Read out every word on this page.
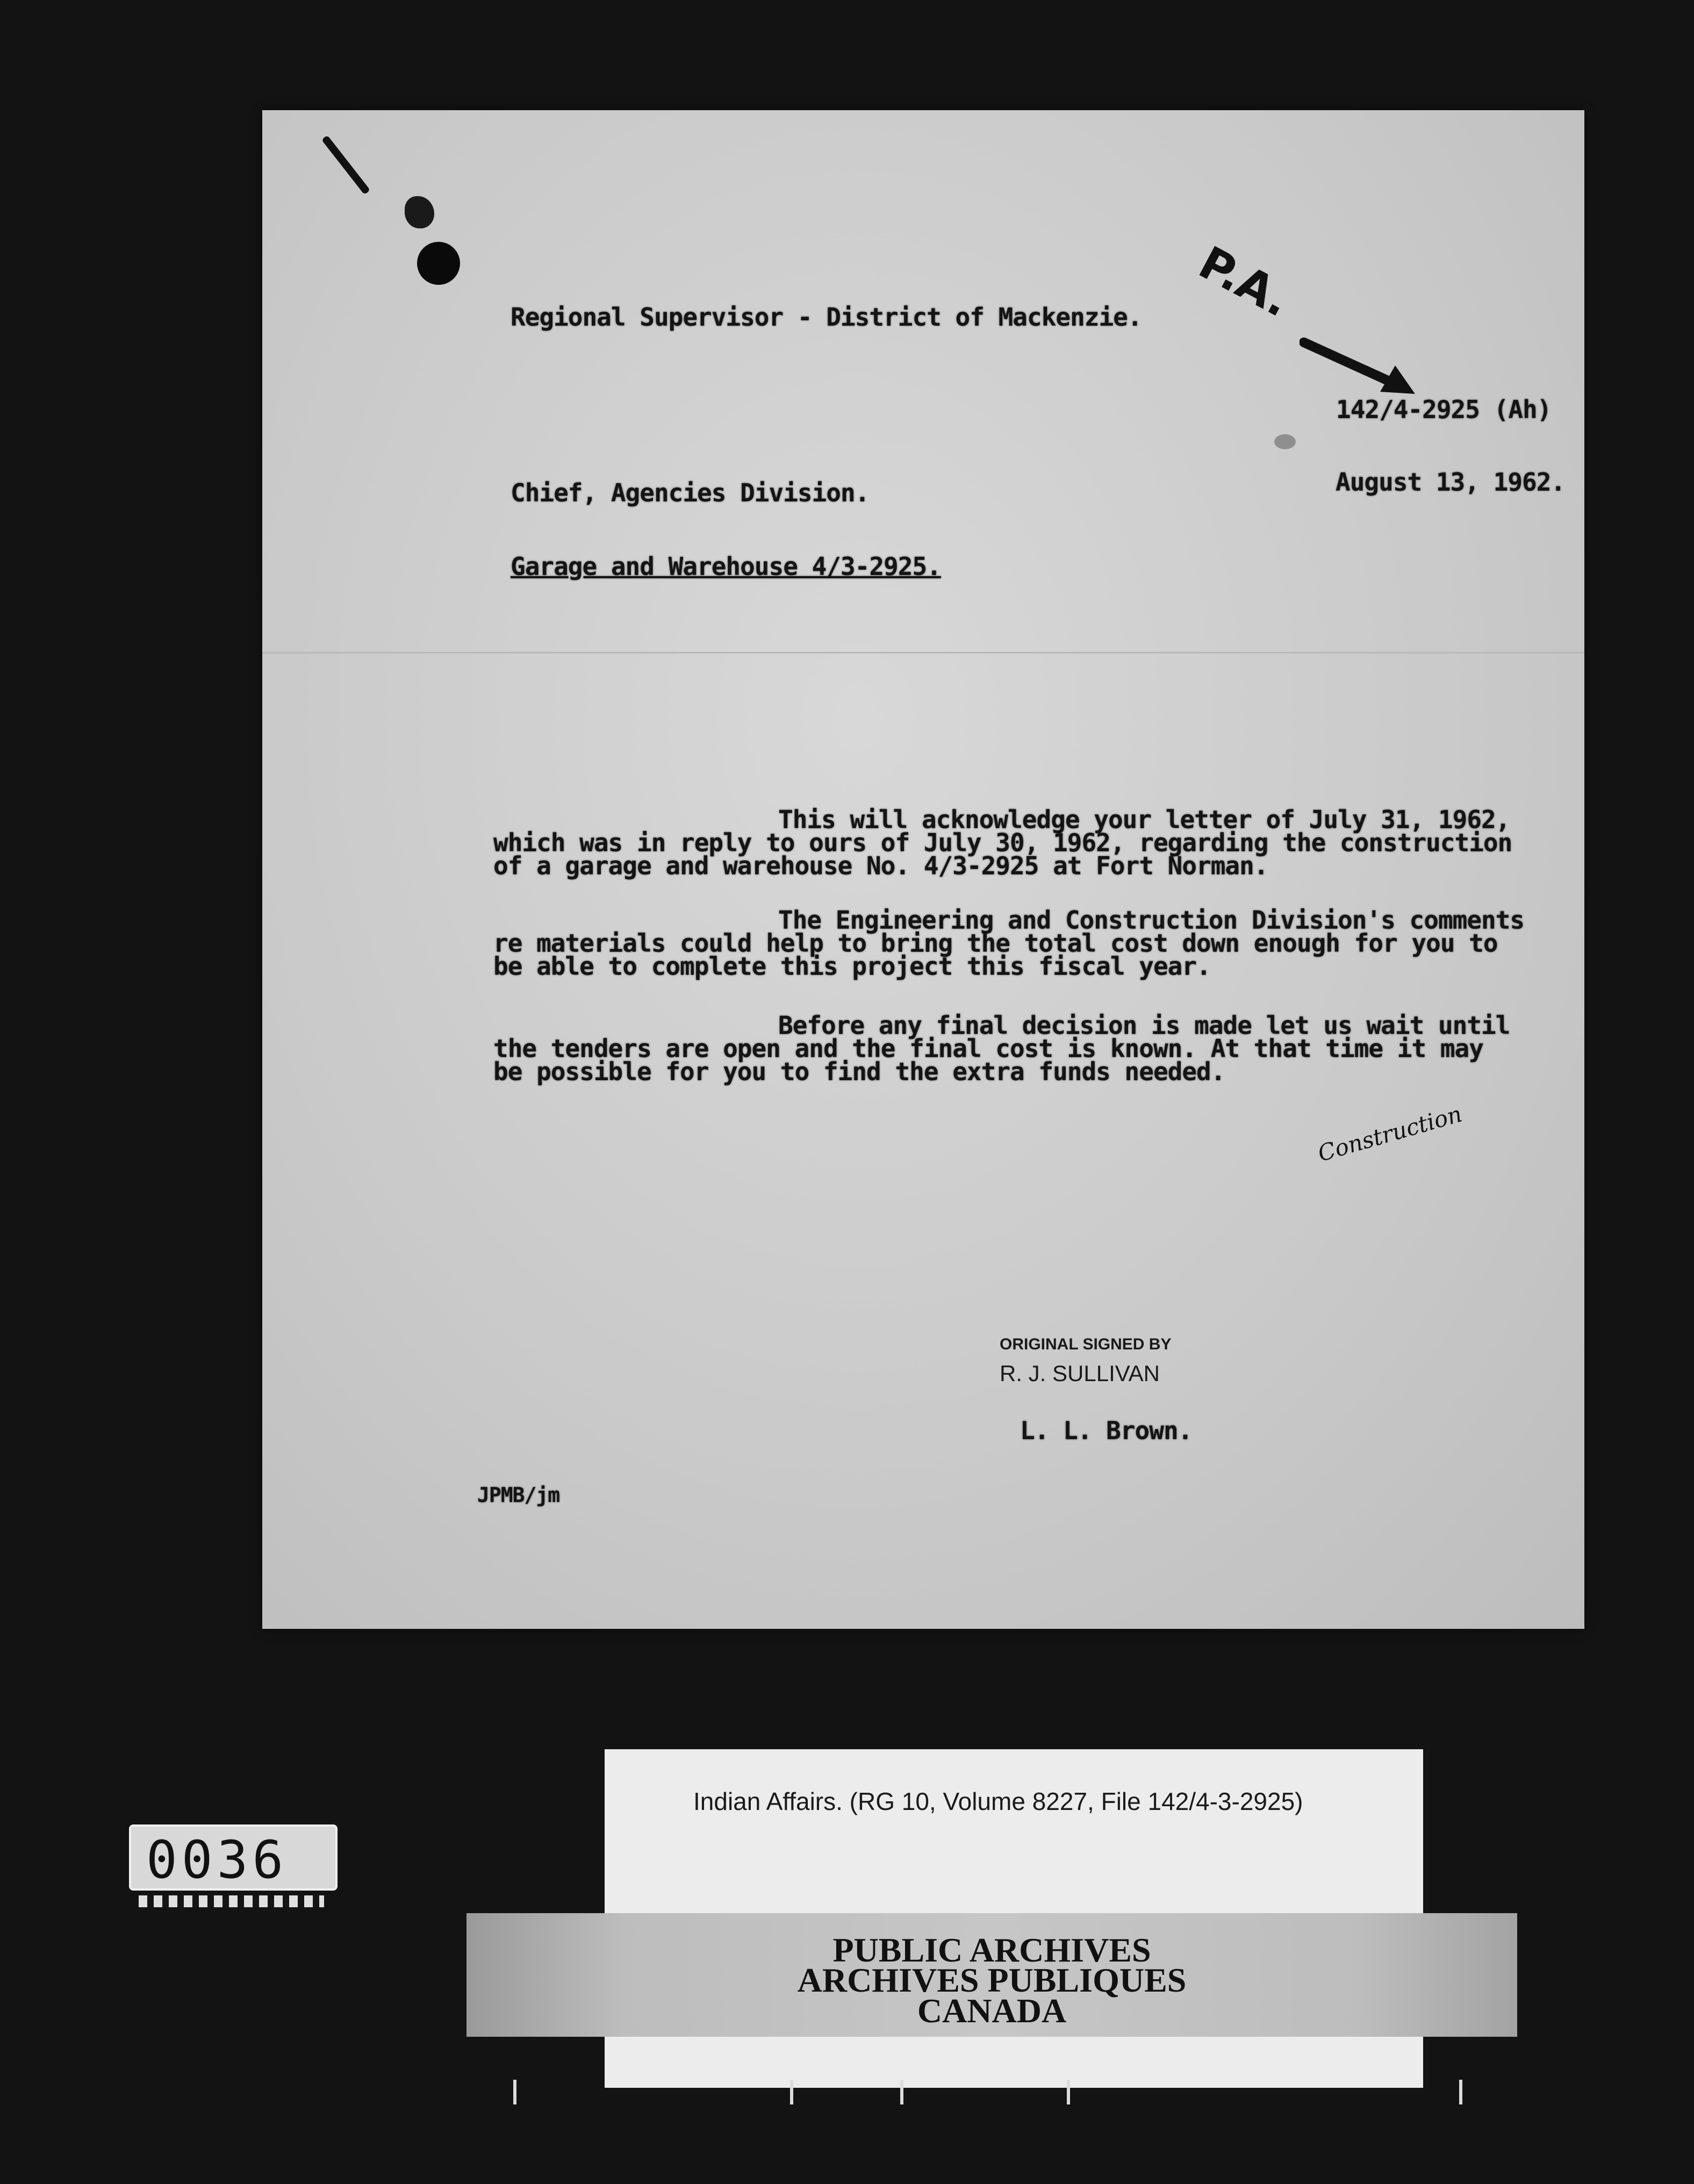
Regional Supervisor - District of Mackenzie. P.A.
142/4-2925 (Ah)
August 13, 1962.
Chief, Agencies Division.
Garage and Warehouse 4/3-2925.
This will acknowledge your letter of July 31, 1962,
which was in reply to ours of July 30, 1962, regarding the construction
of a garage and warehouse No. 4/3-2925 at Fort Norman.
The Engineering and Construction Division's comments
re materials could help to bring the total cost down enough for you to
be able to complete this project this fiscal year.
Before any final decision is made let us wait until
the tenders are open and the final cost is known. At that time it may
be possible for you to find the extra funds needed.
Construction
ORIGINAL SIGNED BY
R. J. SULLIVAN
L. L. Brown.
JPMB/jm
0036
Indian Affairs. (RG 10, Volume 8227, File 142/4-3-2925)
PUBLIC ARCHIVES
ARCHIVES PUBLIQUES
CANADA
